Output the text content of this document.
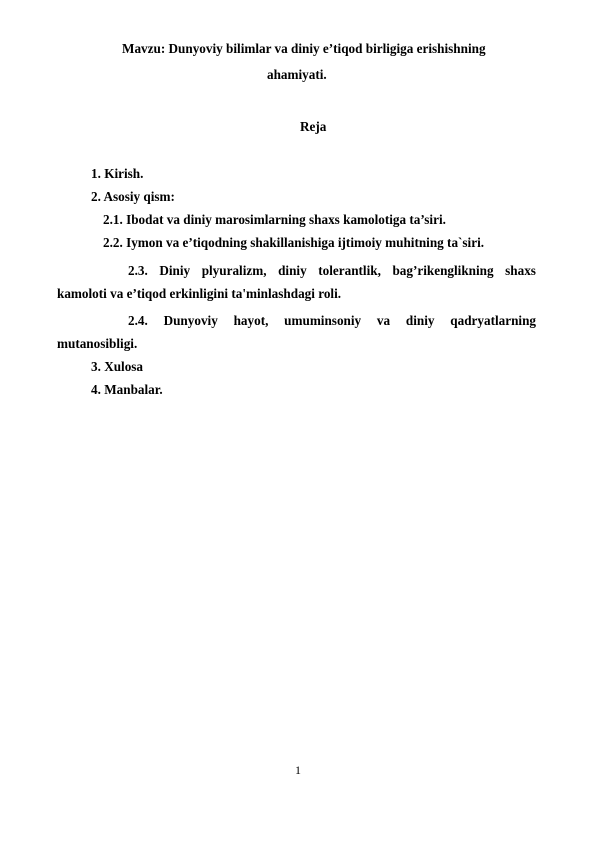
Mavzu: Dunyoviy bilimlar va diniy e’tiqod birligiga erishishning
ahamiyati.
Reja
1. Kirish.
2. Asosiy qism:
2.1. Ibodat va diniy marosimlarning shaxs kamolotiga ta’siri.
2.2. Iymon va e’tiqodning shakillanishiga ijtimoiy muhitning ta`siri.
2.3. Diniy plyuralizm, diniy tolerantlik, bag’rikenglikning shaxs
kamoloti va e’tiqod erkinligini ta'minlashdagi roli.
2.4. Dunyoviy hayot, umuminsoniy va diniy qadryatlarning
mutanosibligi.
3. Xulosa
4. Manbalar.
1
